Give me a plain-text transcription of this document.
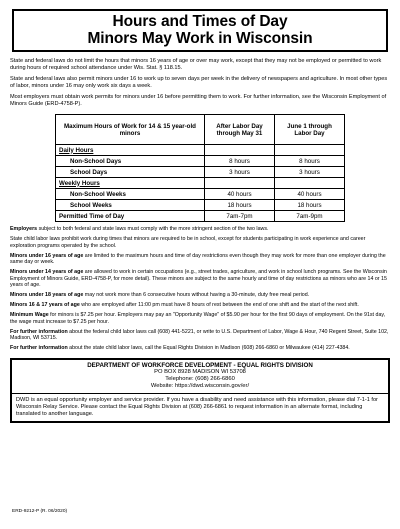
Hours and Times of Day
Minors May Work in Wisconsin

State and federal laws do not limit the hours that minors 16 years of age or over may work, except that they may not be employed or permitted to work during hours of required school attendance under Wis. Stat. § 118.15.

State and federal laws also permit minors under 16 to work up to seven days per week in the delivery of newspapers and agriculture. In most other types of labor, minors under 16 may only work six days a week.

Most employers must obtain work permits for minors under 16 before permitting them to work. For further information, see the Wisconsin Employment of Minors Guide (ERD-4758-P).

Maximum Hours of Work for 14 & 15 year-old minors	After Labor Day through May 31	June 1 through Labor Day
Daily Hours		
Non-School Days	8 hours	8 hours
School Days	3 hours	3 hours
Weekly Hours		
Non-School Weeks	40 hours	40 hours
School Weeks	18 hours	18 hours
Permitted Time of Day	7am-7pm	7am-9pm

Employers subject to both federal and state laws must comply with the more stringent section of the two laws.

State child labor laws prohibit work during times that minors are required to be in school, except for students participating in work experience and career exploration programs operated by the school.

Minors under 16 years of age are limited to the maximum hours and time of day restrictions even though they may work for more than one employer during the same day or week.

Minors under 14 years of age are allowed to work in certain occupations (e.g., street trades, agriculture, and work in school lunch programs. See the Wisconsin Employment of Minors Guide, ERD-4758-P, for more detail). These minors are subject to the same hourly and time of day restrictions as minors who are 14 or 15 years of age.

Minors under 18 years of age may not work more than 6 consecutive hours without having a 30-minute, duty free meal period.

Minors 16 & 17 years of age who are employed after 11:00 pm must have 8 hours of rest between the end of one shift and the start of the next shift.

Minimum Wage for minors is $7.25 per hour. Employers may pay an "Opportunity Wage" of $5.90 per hour for the first 90 days of employment. On the 91st day, the wage must increase to $7.25 per hour.

For further information about the federal child labor laws call (608) 441-5221, or write to U.S. Department of Labor, Wage & Hour, 740 Regent Street, Suite 102, Madison, WI 53715.

For further information about the state child labor laws, call the Equal Rights Division in Madison (608) 266-6860 or Milwaukee (414) 227-4384.

DEPARTMENT OF WORKFORCE DEVELOPMENT - EQUAL RIGHTS DIVISION
PO BOX 8928 MADISON WI 53708
Telephone: (608) 266-6860
Website: https://dwd.wisconsin.gov/er/
DWD is an equal opportunity employer and service provider. If you have a disability and need assistance with this information, please dial 7-1-1 for Wisconsin Relay Service. Please contact the Equal Rights Division at (608) 266-6861 to request information in an alternate format, including translated to another language.
ERD-9212-P (R. 06/2020)
